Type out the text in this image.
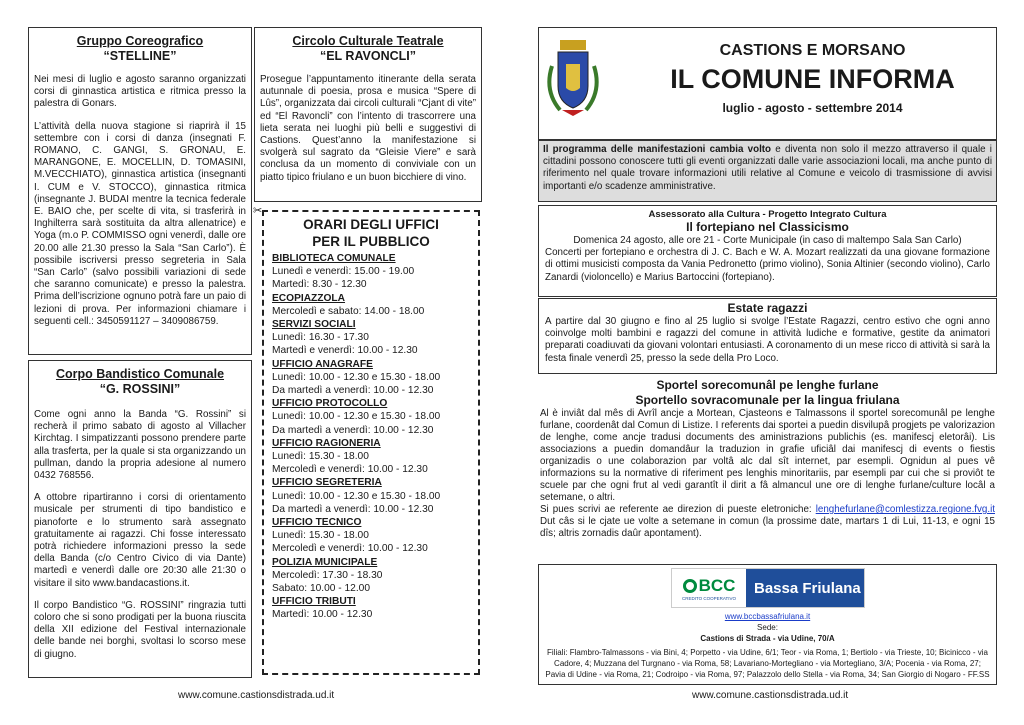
Gruppo Coreografico
“STELLINE”

Nei mesi di luglio e agosto saranno organizzati corsi di ginnastica artistica e ritmica presso la palestra di Gonars.

L’attività della nuova stagione si riaprirà il 15 settembre con i corsi di danza (insegnati F. ROMANO, C. GANGI, S. GRONAU, E. MARANGONE, E. MOCELLIN, D. TOMASINI, M.VECCHIATO), ginnastica artistica (insegnanti I. CUM e V. STOCCO), ginnastica ritmica (insegnante J. BUDAI mentre la tecnica federale E. BAIO che, per scelte di vita, si trasferirà in Inghilterra sarà sostituita da altra allenatrice) e Yoga (m.o P. COMMISSO ogni venerdì, dalle ore 20.00 alle 21.30 presso la Sala “San Carlo”). È possibile iscriversi presso segreteria in Sala “San Carlo” (salvo possibili variazioni di sede che saranno comunicate) e presso la palestra. Prima dell’iscrizione ognuno potrà fare un paio di lezioni di prova. Per informazioni chiamare i seguenti cell.: 3450591127 – 3409086759.

Corpo Bandistico Comunale
“G. ROSSINI”

Come ogni anno la Banda “G. Rossini” si recherà il primo sabato di agosto al Villacher Kirchtag. I simpatizzanti possono prendere parte alla trasferta, per la quale si sta organizzando un pullman, dando la propria adesione al numero 0432 768556.

A ottobre ripartiranno i corsi di orientamento musicale per strumenti di tipo bandistico e pianoforte e lo strumento sarà assegnato gratuitamente ai ragazzi. Chi fosse interessato potrà richiedere informazioni presso la sede della Banda (c/o Centro Civico di via Dante) martedì e venerdì dalle ore 20:30 alle 21:30 o visitare il sito www.bandacastions.it.

Il corpo Bandistico “G. ROSSINI” ringrazia tutti coloro che si sono prodigati per la buona riuscita della XII edizione del Festival internazionale delle bande nei borghi, svoltasi lo scorso mese di giugno.

Circolo Culturale Teatrale
“EL RAVONCLI”

Prosegue l’appuntamento itinerante della serata autunnale di poesia, prosa e musica “Spere di Lûs”, organizzata dai circoli culturali “Cjant di vite” ed “El Ravoncli” con l’intento di trascorrere una lieta serata nei luoghi più belli e suggestivi di Castions. Quest’anno la manifestazione si svolgerà sul sagrato da “Gleisie Viere” e sarà conclusa da un momento di conviviale con un piatto tipico friulano e un buon bicchiere di vino.

✂
ORARI DEGLI UFFICI
PER IL PUBBLICO
BIBLIOTECA COMUNALE
Lunedì e venerdì: 15.00 - 19.00
Martedì: 8.30 - 12.30
ECOPIAZZOLA
Mercoledì e sabato: 14.00 - 18.00
SERVIZI SOCIALI
Lunedì: 16.30 - 17.30
Martedì e venerdì: 10.00 - 12.30
UFFICIO ANAGRAFE
Lunedì: 10.00 - 12.30 e 15.30 - 18.00
Da martedì a venerdì: 10.00 - 12.30
UFFICIO PROTOCOLLO
Lunedì: 10.00 - 12.30 e 15.30 - 18.00
Da martedì a venerdì: 10.00 - 12.30
UFFICIO RAGIONERIA
Lunedì: 15.30 - 18.00
Mercoledì e venerdì: 10.00 - 12.30
UFFICIO SEGRETERIA
Lunedì: 10.00 - 12.30 e 15.30 - 18.00
Da martedì a venerdì: 10.00 - 12.30
UFFICIO TECNICO
Lunedì: 15.30 - 18.00
Mercoledì e venerdì: 10.00 - 12.30
POLIZIA MUNICIPALE
Mercoledì: 17.30 - 18.30
Sabato: 10.00 - 12.00
UFFICIO TRIBUTI
Martedì: 10.00 - 12.30
www.comune.castionsdistrada.ud.it
CASTIONS E MORSANO
IL COMUNE INFORMA
luglio - agosto - settembre 2014
Il programma delle manifestazioni cambia volto e diventa non solo il mezzo attraverso il quale i cittadini possono conoscere tutti gli eventi organizzati dalle varie associazioni locali, ma anche punto di riferimento nel quale trovare informazioni utili relative al Comune e veicolo di trasmissione di avvisi importanti e/o scadenze amministrative.
Assessorato alla Cultura - Progetto Integrato Cultura
Il fortepiano nel Classicismo
Domenica 24 agosto, alle ore 21 - Corte Municipale (in caso di maltempo Sala San Carlo)
Concerti per fortepiano e orchestra di J. C. Bach e W. A. Mozart realizzati da una giovane formazione di ottimi musicisti composta da Vania Pedronetto (primo violino), Sonia Altinier (secondo violino), Carlo Zanardi (violoncello) e Marius Bartoccini (fortepiano).
Estate ragazzi
A partire dal 30 giugno e fino al 25 luglio si svolge l’Estate Ragazzi, centro estivo che ogni anno coinvolge molti bambini e ragazzi del comune in attività ludiche e formative, gestite da animatori preparati coadiuvati da giovani volontari entusiasti. A coronamento di un mese ricco di attività si sarà la festa finale venerdì 25, presso la sede della Pro Loco.
Sportel sorecomunâl pe lenghe furlane
Sportello sovracomunale per la lingua friulana
Al è inviât dal mês di Avrîl ancje a Mortean, Cjasteons e Talmassons il sportel sorecomunâl pe lenghe furlane, coordenât dal Comun di Listize. I referents dai sportei a puedin disvilupâ progjets pe valorizazion de lenghe, come ancje tradusi documents des aministrazions publichis (es. manifescj eletorâi). Lis associazions a puedin domandâur la traduzion in grafie uficiâl dai manifescj di events o fiestis organizadis o une colaborazion par voltâ alc dal sît internet, par esempli. Ognidun al pues vê informazions su la normative di riferiment pes lenghis minoritariis, par esempli par cui che si proviôt te scuele par che ogni frut al vedi garantît il dirit a fâ almancul une ore di lenghe furlane/culture locâl a setemane, o altri.
Si pues scrivi ae referente ae direzion di pueste eletroniche: lenghefurlane@comlestizza.regione.fvg.it Dut câs si le cjate ue volte a setemane in comun (la prossime date, martars 1 di Lui, 11-13, e ogni 15 dîs; altris zornadis daûr apontament).
BCC
CREDITO COOPERATIVO
Bassa Friulana
www.bccbassafriulana.it
Sede:
Castions di Strada - via Udine, 70/A
Filiali: Flambro-Talmassons - via Bini, 4; Porpetto - via Udine, 6/1; Teor - via Roma, 1; Bertiolo - via Trieste, 10; Bicinicco - via Cadore, 4; Muzzana del Turgnano - via Roma, 58; Lavariano-Mortegliano - via Mortegliano, 3/A; Pocenia - via Roma, 27; Pavia di Udine - via Roma, 21; Codroipo - via Roma, 97; Palazzolo dello Stella - via Roma, 34; San Giorgio di Nogaro - FF.SS
www.comune.castionsdistrada.ud.it
